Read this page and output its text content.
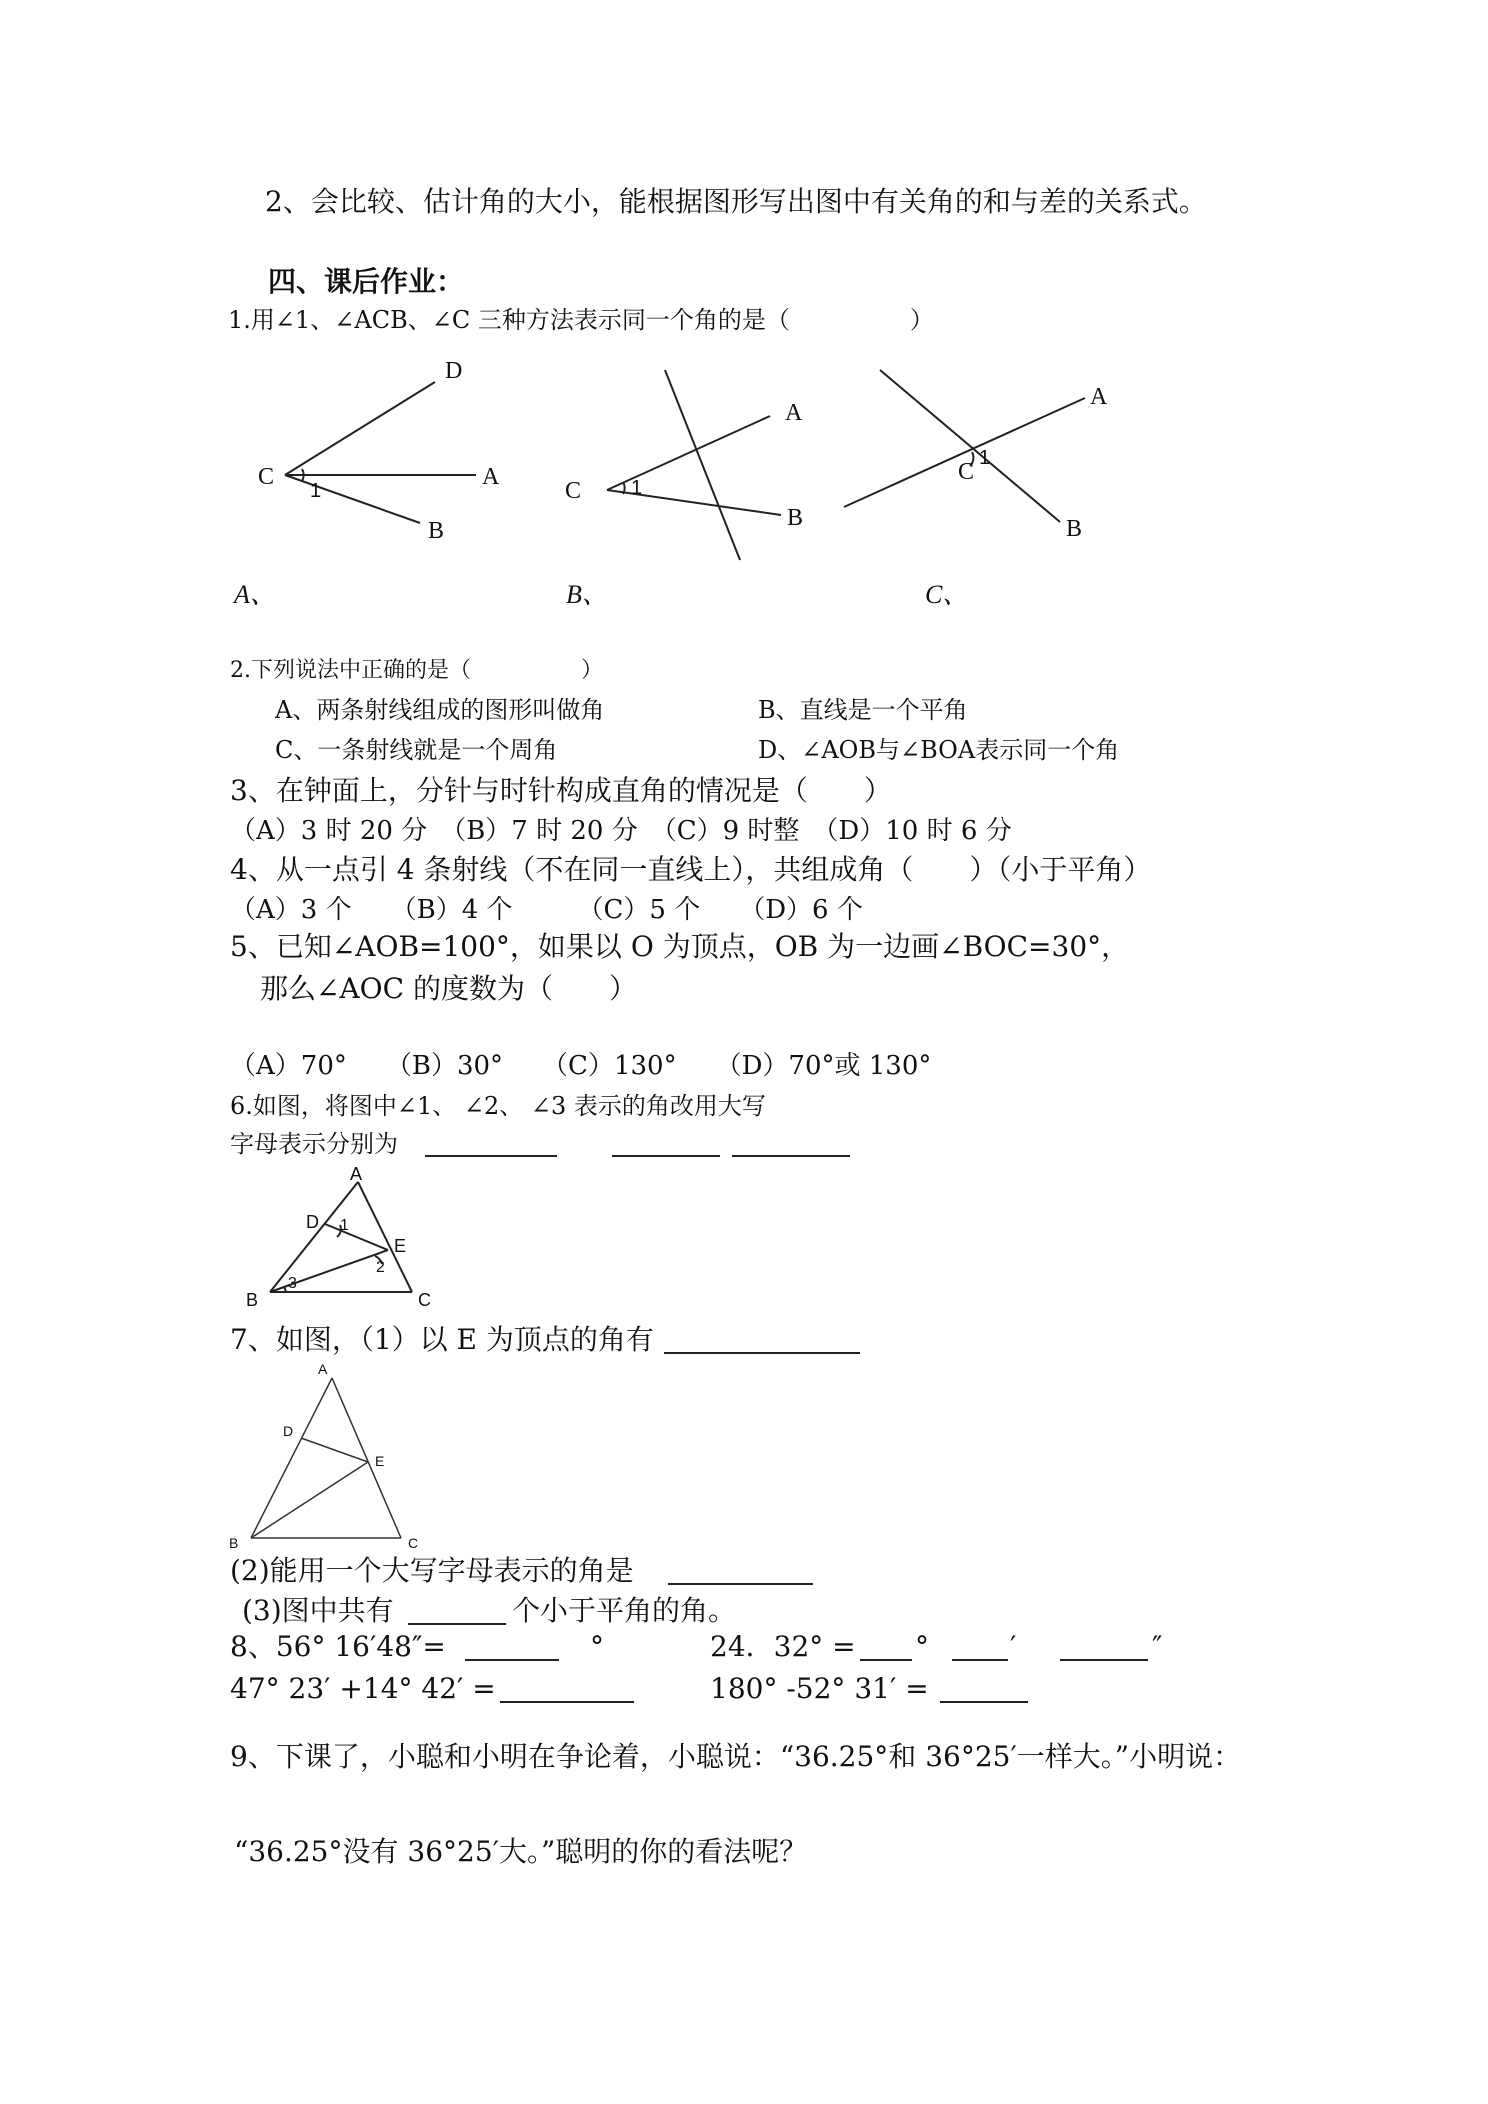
2、会比较、估计角的大小，能根据图形写出图中有关角的和与差的关系式。
四、课后作业：
1.用∠1、∠ACB、∠C 三种方法表示同一个角的是（　　　　　）
C
D
A
B
1	C
A
B
1
A
B
C
1
A、	B、	C、
2.下列说法中正确的是（　　　　　）
A、两条射线组成的图形叫做角	B、直线是一个平角
C、一条射线就是一个周角	D、∠AOB与∠BOA表示同一个角
3、在钟面上，分针与时针构成直角的情况是（　　）
（A）3 时 20 分　（B）7 时 20 分　（C）9 时整　（D）10 时 6 分
4、从一点引 4 条射线（不在同一直线上），共组成角（　　）（小于平角）
（A）3 个　　（B）4 个　　　（C）5 个　　（D）6 个
5、已知∠AOB=100°，如果以 O 为顶点，OB 为一边画∠BOC=30°，
那么∠AOC 的度数为（　　）
（A）70°　　（B）30°　　（C）130°　　（D）70°或 130°
6.如图，将图中∠1、 ∠2、 ∠3 表示的角改用大写
字母表示分别为
A
B	C
D
E
1
2
3
7、如图，（1）以 E 为顶点的角有
A
B	C
D
E
(2)能用一个大写字母表示的角是
(3)图中共有	个小于平角的角。
8、56° 16′48″=	°	24．32° = °	′	″
47° 23′ +14° 42′ =	180° -52° 31′ =
9、下课了，小聪和小明在争论着，小聪说：“36.25°和 36°25′一样大。”小明说：
“36.25°没有 36°25′大。”聪明的你的看法呢？
